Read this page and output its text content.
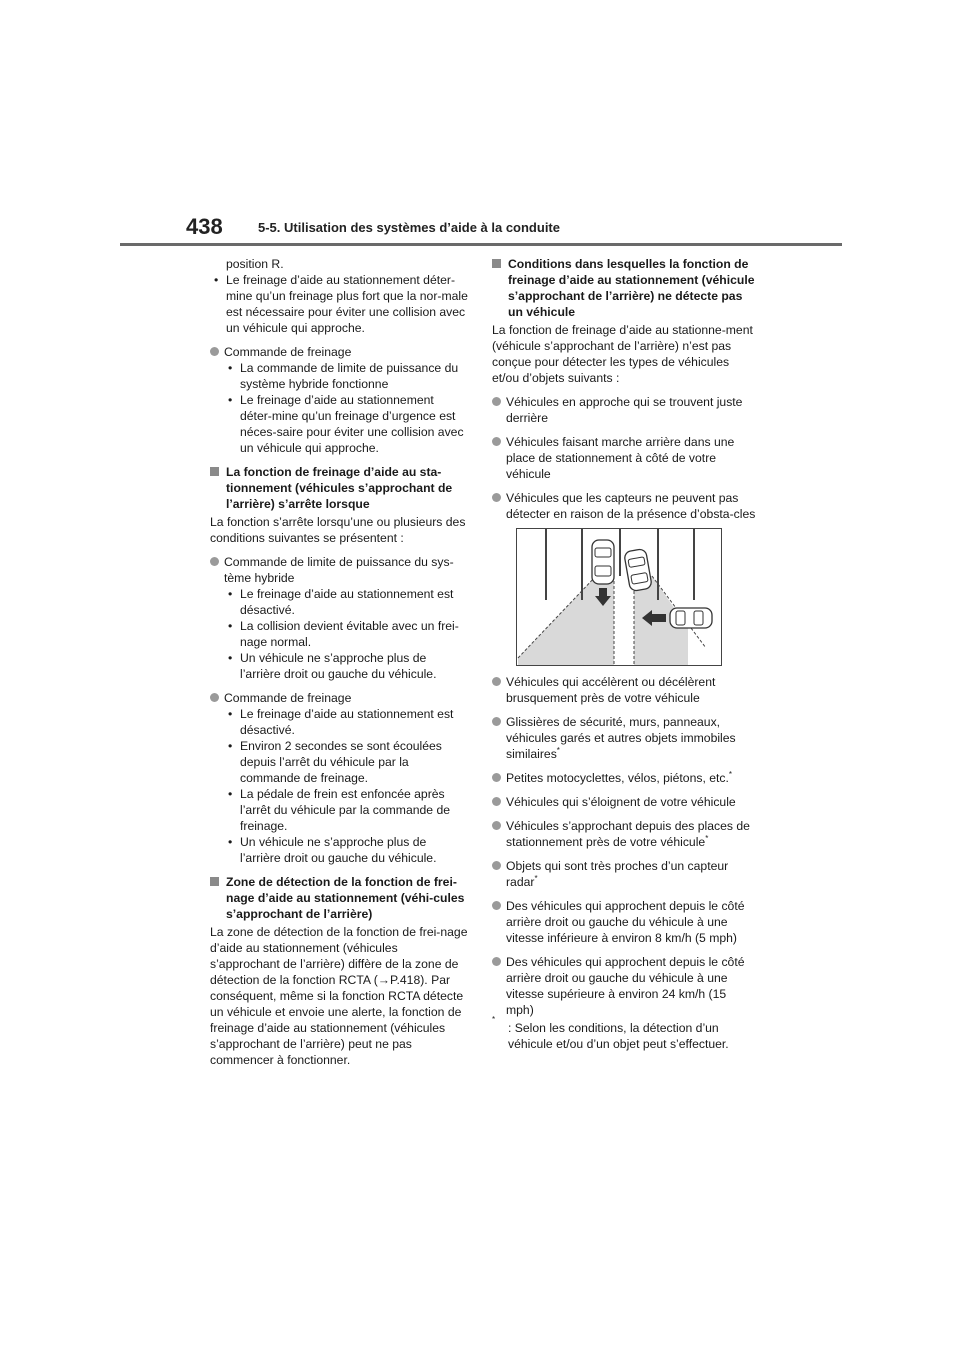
438	5-5. Utilisation des systèmes d’aide à la conduite

position R.

• Le freinage d’aide au stationnement déter-mine qu’un freinage plus fort que la nor-male est nécessaire pour éviter une collision avec un véhicule qui approche.
Commande de freinage
• La commande de limite de puissance du système hybride fonctionne
• Le freinage d’aide au stationnement déter-mine qu’un freinage d’urgence est néces-saire pour éviter une collision avec un véhicule qui approche.

La fonction de freinage d’aide au sta-tionnement (véhicules s’approchant de l’arrière) s’arrête lorsque

La fonction s’arrête lorsqu’une ou plusieurs des conditions suivantes se présentent :

Commande de limite de puissance du sys-tème hybride
• Le freinage d’aide au stationnement est désactivé.
• La collision devient évitable avec un frei-nage normal.
• Un véhicule ne s’approche plus de l’arrière droit ou gauche du véhicule.
Commande de freinage
• Le freinage d’aide au stationnement est désactivé.
• Environ 2 secondes se sont écoulées depuis l’arrêt du véhicule par la commande de freinage.
• La pédale de frein est enfoncée après l’arrêt du véhicule par la commande de freinage.
• Un véhicule ne s’approche plus de l’arrière droit ou gauche du véhicule.

Zone de détection de la fonction de frei-nage d’aide au stationnement (véhi-cules s’approchant de l’arrière)

La zone de détection de la fonction de frei-nage d’aide au stationnement (véhicules s’approchant de l’arrière) diffère de la zone de détection de la fonction RCTA (→P.418). Par conséquent, même si la fonction RCTA détecte un véhicule et envoie une alerte, la fonction de freinage d’aide au stationnement (véhicules s’approchant de l’arrière) peut ne pas commencer à fonctionner.

Conditions dans lesquelles la fonction de freinage d’aide au stationnement (véhicule s’approchant de l’arrière) ne détecte pas un véhicule

La fonction de freinage d’aide au stationne-ment (véhicule s’approchant de l’arrière) n’est pas conçue pour détecter les types de véhicules et/ou d’objets suivants :

Véhicules en approche qui se trouvent juste derrière
Véhicules faisant marche arrière dans une place de stationnement à côté de votre véhicule
Véhicules que les capteurs ne peuvent pas détecter en raison de la présence d’obsta-cles
Véhicules qui accélèrent ou décélèrent brusquement près de votre véhicule
Glissières de sécurité, murs, panneaux, véhicules garés et autres objets immobiles similaires*
Petites motocyclettes, vélos, piétons, etc.*
Véhicules qui s’éloignent de votre véhicule
Véhicules s’approchant depuis des places de stationnement près de votre véhicule*
Objets qui sont très proches d’un capteur radar*
Des véhicules qui approchent depuis le côté arrière droit ou gauche du véhicule à une vitesse inférieure à environ 8 km/h (5 mph)
Des véhicules qui approchent depuis le côté arrière droit ou gauche du véhicule à une vitesse supérieure à environ 24 km/h (15 mph)
*
: Selon les conditions, la détection d’un véhicule et/ou d’un objet peut s’effectuer.
